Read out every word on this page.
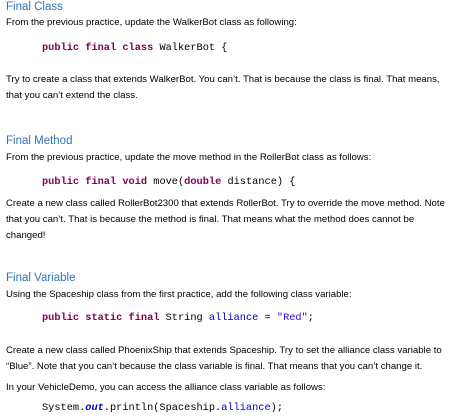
Final Class
From the previous practice, update the WalkerBot class as following:
public final class WalkerBot {
Try to create a class that extends WalkerBot. You can’t. That is because the class is final. That means,
that you can’t extend the class.
Final Method
From the previous practice, update the move method in the RollerBot class as follows:
public final void move(double distance) {
Create a new class called RollerBot2300 that extends RollerBot. Try to override the move method. Note
that you can’t. That is because the method is final. That means what the method does cannot be
changed!
Final Variable
Using the Spaceship class from the first practice, add the following class variable:
public static final String alliance = "Red";
Create a new class called PhoenixShip that extends Spaceship. Try to set the alliance class variable to
“Blue”. Note that you can’t because the class variable is final. That means that you can’t change it.
In your VehicleDemo, you can access the alliance class variable as follows:
System.out.println(Spaceship.alliance);
